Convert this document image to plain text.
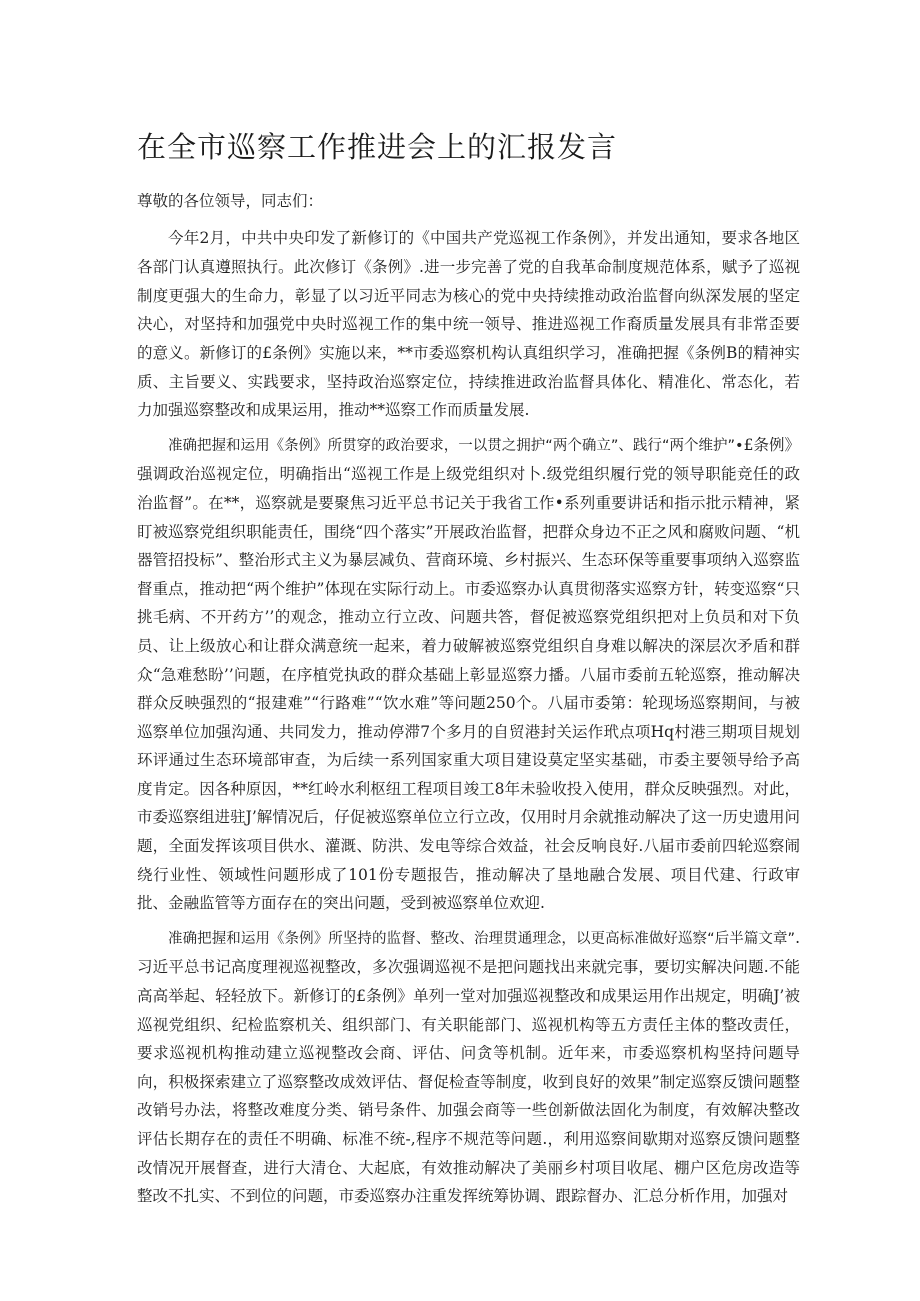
在全市巡察工作推进会上的汇报发言

尊敬的各位领导，同志们：

今年2月，中共中央印发了新修订的《中国共产党巡视工作条例》，并发出通知，要求各地区各部门认真遵照执行。此次修订《条例》.进一步完善了党的自我革命制度规范体系，赋予了巡视制度更强大的生命力，彰显了以习近平同志为核心的党中央持续推动政治监督向纵深发展的坚定决心，对坚持和加强党中央时巡视工作的集中统一领导、推进巡视工作裔质量发展具有非常歪要的意义。新修订的£条例》实施以来，**市委巡察机构认真组织学习，准确把握《条例B的精神实质、主旨要义、实践要求，坚持政治巡察定位，持续推进政治监督具体化、精准化、常态化，若力加强巡察整改和成果运用，推动**巡察工作而质量发展.

准确把握和运用《条例》所贯穿的政治要求，一以贯之拥护“两个确立”、践行“两个维护”•£条例》强调政治巡视定位，明确指出“巡视工作是上级党组织对卜.级党组织履行党的领导职能竞任的政治监督”。在**，巡察就是要聚焦习近平总书记关于我省工作•系列重要讲话和指示批示精神，紧盯被巡察党组织职能责任，围绕“四个落实”开展政治监督，把群众身边不正之风和腐败问题、“机器管招投标”、整治形式主义为暴层减负、营商环境、乡村振兴、生态环保等重要事项纳入巡察监督重点，推动把“两个维护”体现在实际行动上。市委巡察办认真贯彻落实巡察方针，转变巡察“只挑毛病、不开药方’’的观念，推动立行立改、问题共答，督促被巡察党组织把对上负员和对下负员、让上级放心和让群众满意统一起来，着力破解被巡察党组织自身难以解决的深层次矛盾和群众“急难愁盼’’问题，在序植党执政的群众基础上彰显巡察力播。八届市委前五轮巡察，推动解决群众反映强烈的“报建难”“行路难”“饮水难”等问题250个。八届市委第：轮现场巡察期间，与被巡察单位加强沟通、共同发力，推动停滞7个多月的自贸港封关运作玳点项Hq村港三期项目规划环评通过生态环境部审查，为后续一系列国家重大项目建设莫定坚实基础，市委主要领导给予高度肯定。因各种原因，**红岭水利枢纽工程项目竣工8年未验收投入使用，群众反映强烈。对此，市委巡察组进驻J’解情况后，仔促被巡察单位立行立改，仅用时月余就推动解决了这一历史遗用问题，全面发挥该项目供水、灌溉、防洪、发电等综合效益，社会反响良好.八届市委前四轮巡察闹绕行业性、领域性问题形成了101份专题报告，推动解决了垦地融合发展、项目代建、行政审批、金融监管等方面存在的突出问题，受到被巡察单位欢迎.

准确把握和运用《条例》所坚持的监督、整改、治理贯通理念，以更高标准做好巡察“后半篇文章”.习近平总书记高度理视巡视整改，多次强调巡视不是把问题找出来就完事，要切实解决问题.不能高高举起、轻轻放下。新修订的£条例》单列一堂对加强巡视整改和成果运用作出规定，明确J’被巡视党组织、纪检监察机关、组织部门、有关职能部门、巡视机构等五方责任主体的整改责任，要求巡视机构推动建立巡视整改会商、评估、问贪等机制。近年来，市委巡察机构坚持问题导向，积极探索建立了巡察整改成效评估、督促检查等制度，收到良好的效果”制定巡察反馈问题整改销号办法，将整改难度分类、销号条件、加强会商等一些创新做法固化为制度，有效解决整改评估长期存在的责任不明确、标准不统-,程序不规范等问题.，利用巡察间歇期对巡察反馈问题整改情况开展督查，进行大清仓、大起底，有效推动解决了美丽乡村项目收尾、棚户区危房改造等整改不扎实、不到位的问题，市委巡察办注重发挥统筹协调、跟踪督办、汇总分析作用，加强对
